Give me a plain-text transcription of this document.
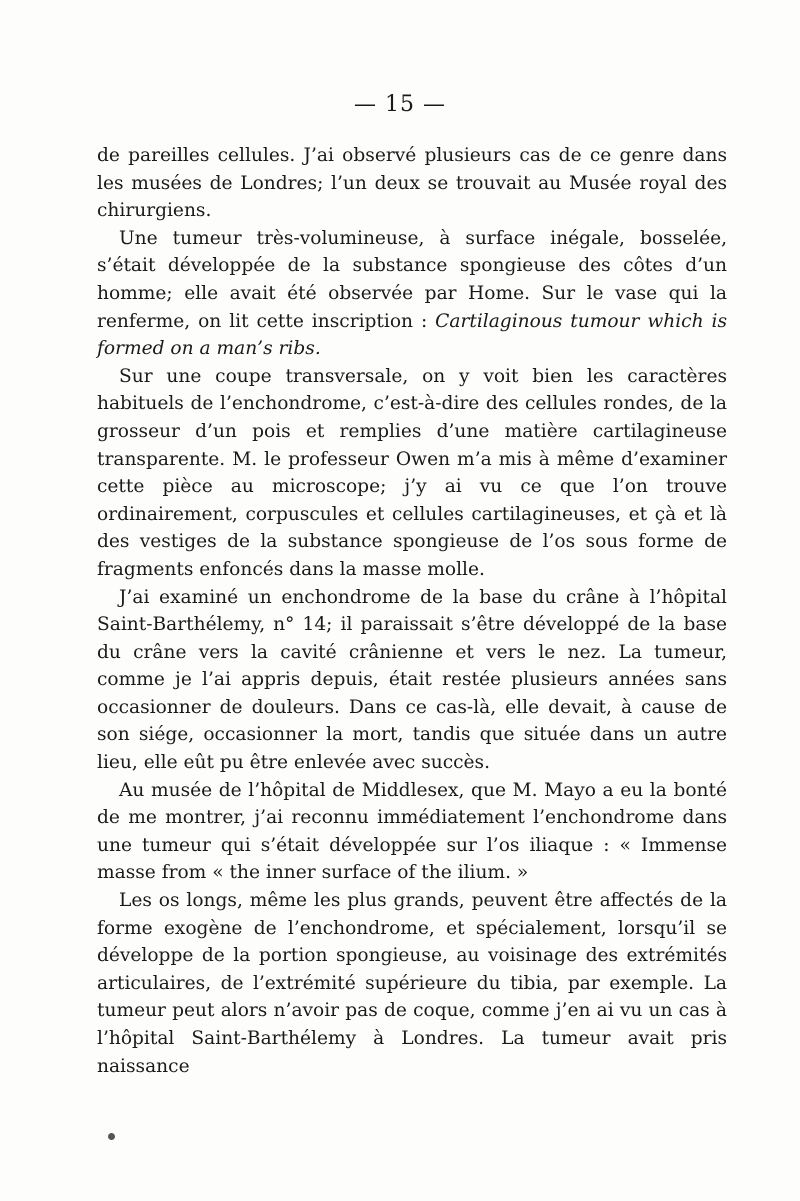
— 15 —

de pareilles cellules. J’ai observé plusieurs cas de ce genre dans les musées de Londres; l’un deux se trouvait au Musée royal des chirurgiens.

Une tumeur très-volumineuse, à surface inégale, bosselée, s’était développée de la substance spongieuse des côtes d’un homme; elle avait été observée par Home. Sur le vase qui la renferme, on lit cette inscription : Cartilaginous tumour which is formed on a man’s ribs.

Sur une coupe transversale, on y voit bien les caractères habituels de l’enchondrome, c’est-à-dire des cellules rondes, de la grosseur d’un pois et remplies d’une matière cartilagineuse transparente. M. le professeur Owen m’a mis à même d’examiner cette pièce au microscope; j’y ai vu ce que l’on trouve ordinairement, corpuscules et cellules cartilagineuses, et çà et là des vestiges de la substance spongieuse de l’os sous forme de fragments enfoncés dans la masse molle.

J’ai examiné un enchondrome de la base du crâne à l’hôpital Saint-Barthélemy, n° 14; il paraissait s’être développé de la base du crâne vers la cavité crânienne et vers le nez. La tumeur, comme je l’ai appris depuis, était restée plusieurs années sans occasionner de douleurs. Dans ce cas-là, elle devait, à cause de son siége, occasionner la mort, tandis que située dans un autre lieu, elle eût pu être enlevée avec succès.

Au musée de l’hôpital de Middlesex, que M. Mayo a eu la bonté de me montrer, j’ai reconnu immédiatement l’enchondrome dans une tumeur qui s’était développée sur l’os iliaque : « Immense masse from « the inner surface of the ilium. »

Les os longs, même les plus grands, peuvent être affectés de la forme exogène de l’enchondrome, et spécialement, lorsqu’il se développe de la portion spongieuse, au voisinage des extrémités articulaires, de l’extrémité supérieure du tibia, par exemple. La tumeur peut alors n’avoir pas de coque, comme j’en ai vu un cas à l’hôpital Saint-Barthélemy à Londres. La tumeur avait pris naissance
